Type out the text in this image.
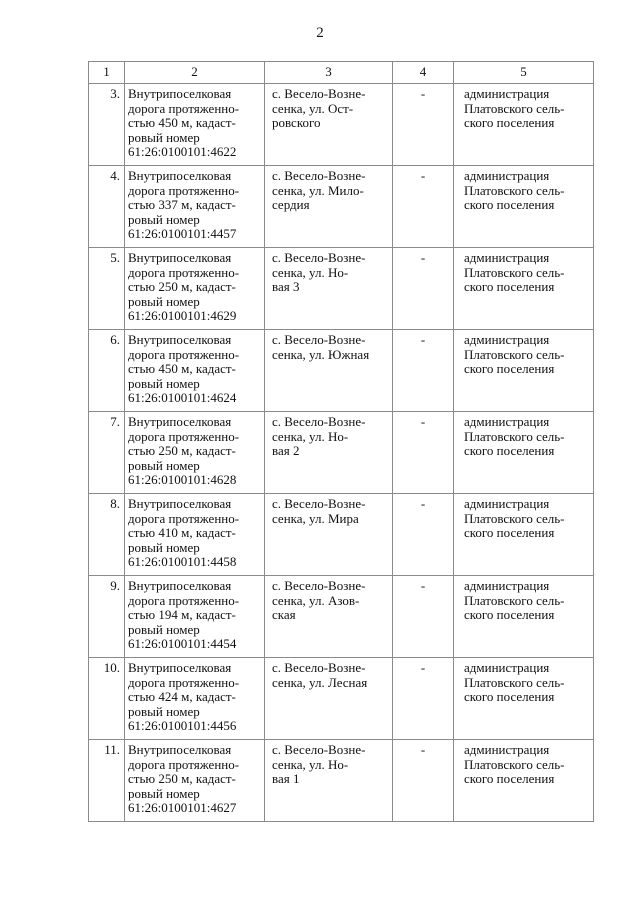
2
1	2	3	4	5

3.	Внутрипоселковая
дорога протяженно-
стью 450 м, кадаст-
ровый номер
61:26:0100101:4622	с. Весело-Возне-
сенка, ул. Ост-
ровского	-	администрация
Платовского сель-
ского поселения

4.	Внутрипоселковая
дорога протяженно-
стью 337 м, кадаст-
ровый номер
61:26:0100101:4457	с. Весело-Возне-
сенка, ул. Мило-
сердия	-	администрация
Платовского сель-
ского поселения

5.	Внутрипоселковая
дорога протяженно-
стью 250 м, кадаст-
ровый номер
61:26:0100101:4629	с. Весело-Возне-
сенка, ул. Но-
вая 3	-	администрация
Платовского сель-
ского поселения

6.	Внутрипоселковая
дорога протяженно-
стью 450 м, кадаст-
ровый номер
61:26:0100101:4624	с. Весело-Возне-
сенка, ул. Южная	-	администрация
Платовского сель-
ского поселения

7.	Внутрипоселковая
дорога протяженно-
стью 250 м, кадаст-
ровый номер
61:26:0100101:4628	с. Весело-Возне-
сенка, ул. Но-
вая 2	-	администрация
Платовского сель-
ского поселения

8.	Внутрипоселковая
дорога протяженно-
стью 410 м, кадаст-
ровый номер
61:26:0100101:4458	с. Весело-Возне-
сенка, ул. Мира	-	администрация
Платовского сель-
ского поселения

9.	Внутрипоселковая
дорога протяженно-
стью 194 м, кадаст-
ровый номер
61:26:0100101:4454	с. Весело-Возне-
сенка, ул. Азов-
ская	-	администрация
Платовского сель-
ского поселения

10.	Внутрипоселковая
дорога протяженно-
стью 424 м, кадаст-
ровый номер
61:26:0100101:4456	с. Весело-Возне-
сенка, ул. Лесная	-	администрация
Платовского сель-
ского поселения

11.	Внутрипоселковая
дорога протяженно-
стью 250 м, кадаст-
ровый номер
61:26:0100101:4627	с. Весело-Возне-
сенка, ул. Но-
вая 1	-	администрация
Платовского сель-
ского поселения
